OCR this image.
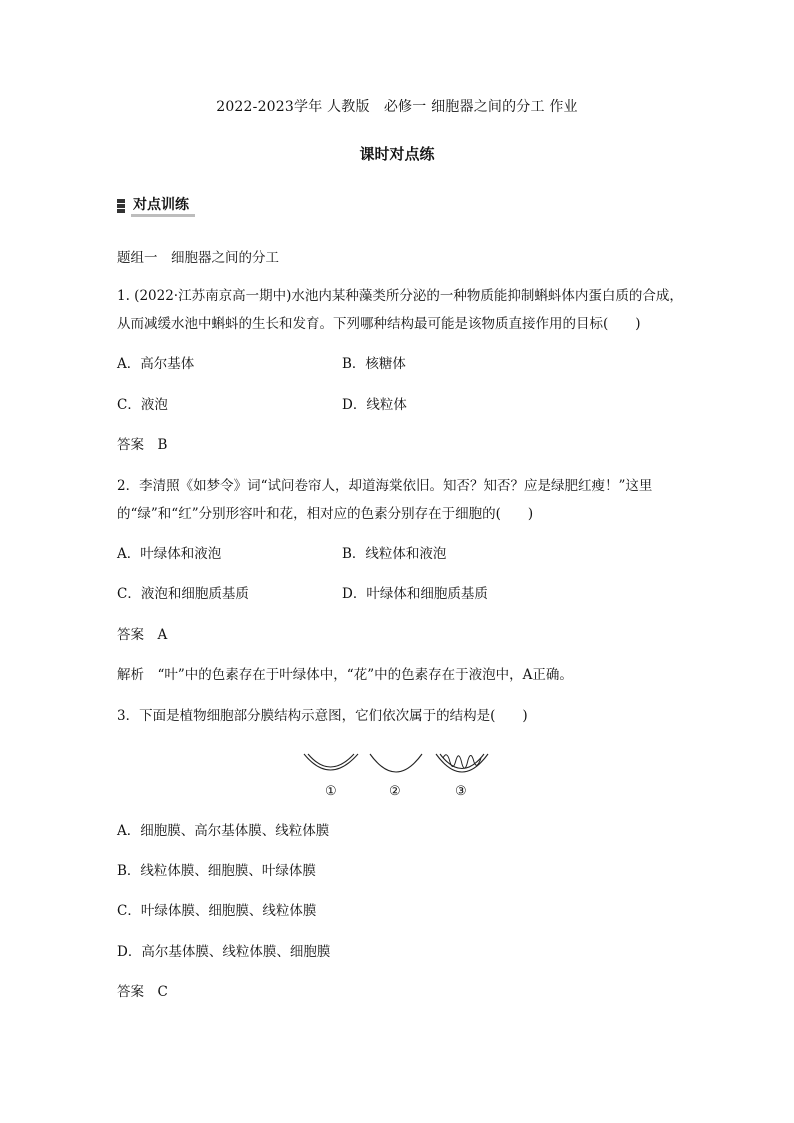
2022-2023学年 人教版　必修一 细胞器之间的分工 作业
课时对点练
对点训练
题组一　细胞器之间的分工
1. (2022·江苏南京高一期中)水池内某种藻类所分泌的一种物质能抑制蝌蚪体内蛋白质的合成，
从而减缓水池中蝌蚪的生长和发育。下列哪种结构最可能是该物质直接作用的目标(　　)
A．高尔基体	B．核糖体
C．液泡	D．线粒体
答案　B
2．李清照《如梦令》词“试问卷帘人，却道海棠依旧。知否？知否？应是绿肥红瘦！”这里
的“绿”和“红”分别形容叶和花，相对应的色素分别存在于细胞的(　　)
A．叶绿体和液泡	B．线粒体和液泡
C．液泡和细胞质基质	D．叶绿体和细胞质基质
答案　A
解析　“叶”中的色素存在于叶绿体中，“花”中的色素存在于液泡中，A正确。
3．下面是植物细胞部分膜结构示意图，它们依次属于的结构是(　　)
①	②	③
A．细胞膜、高尔基体膜、线粒体膜
B．线粒体膜、细胞膜、叶绿体膜
C．叶绿体膜、细胞膜、线粒体膜
D．高尔基体膜、线粒体膜、细胞膜
答案　C
